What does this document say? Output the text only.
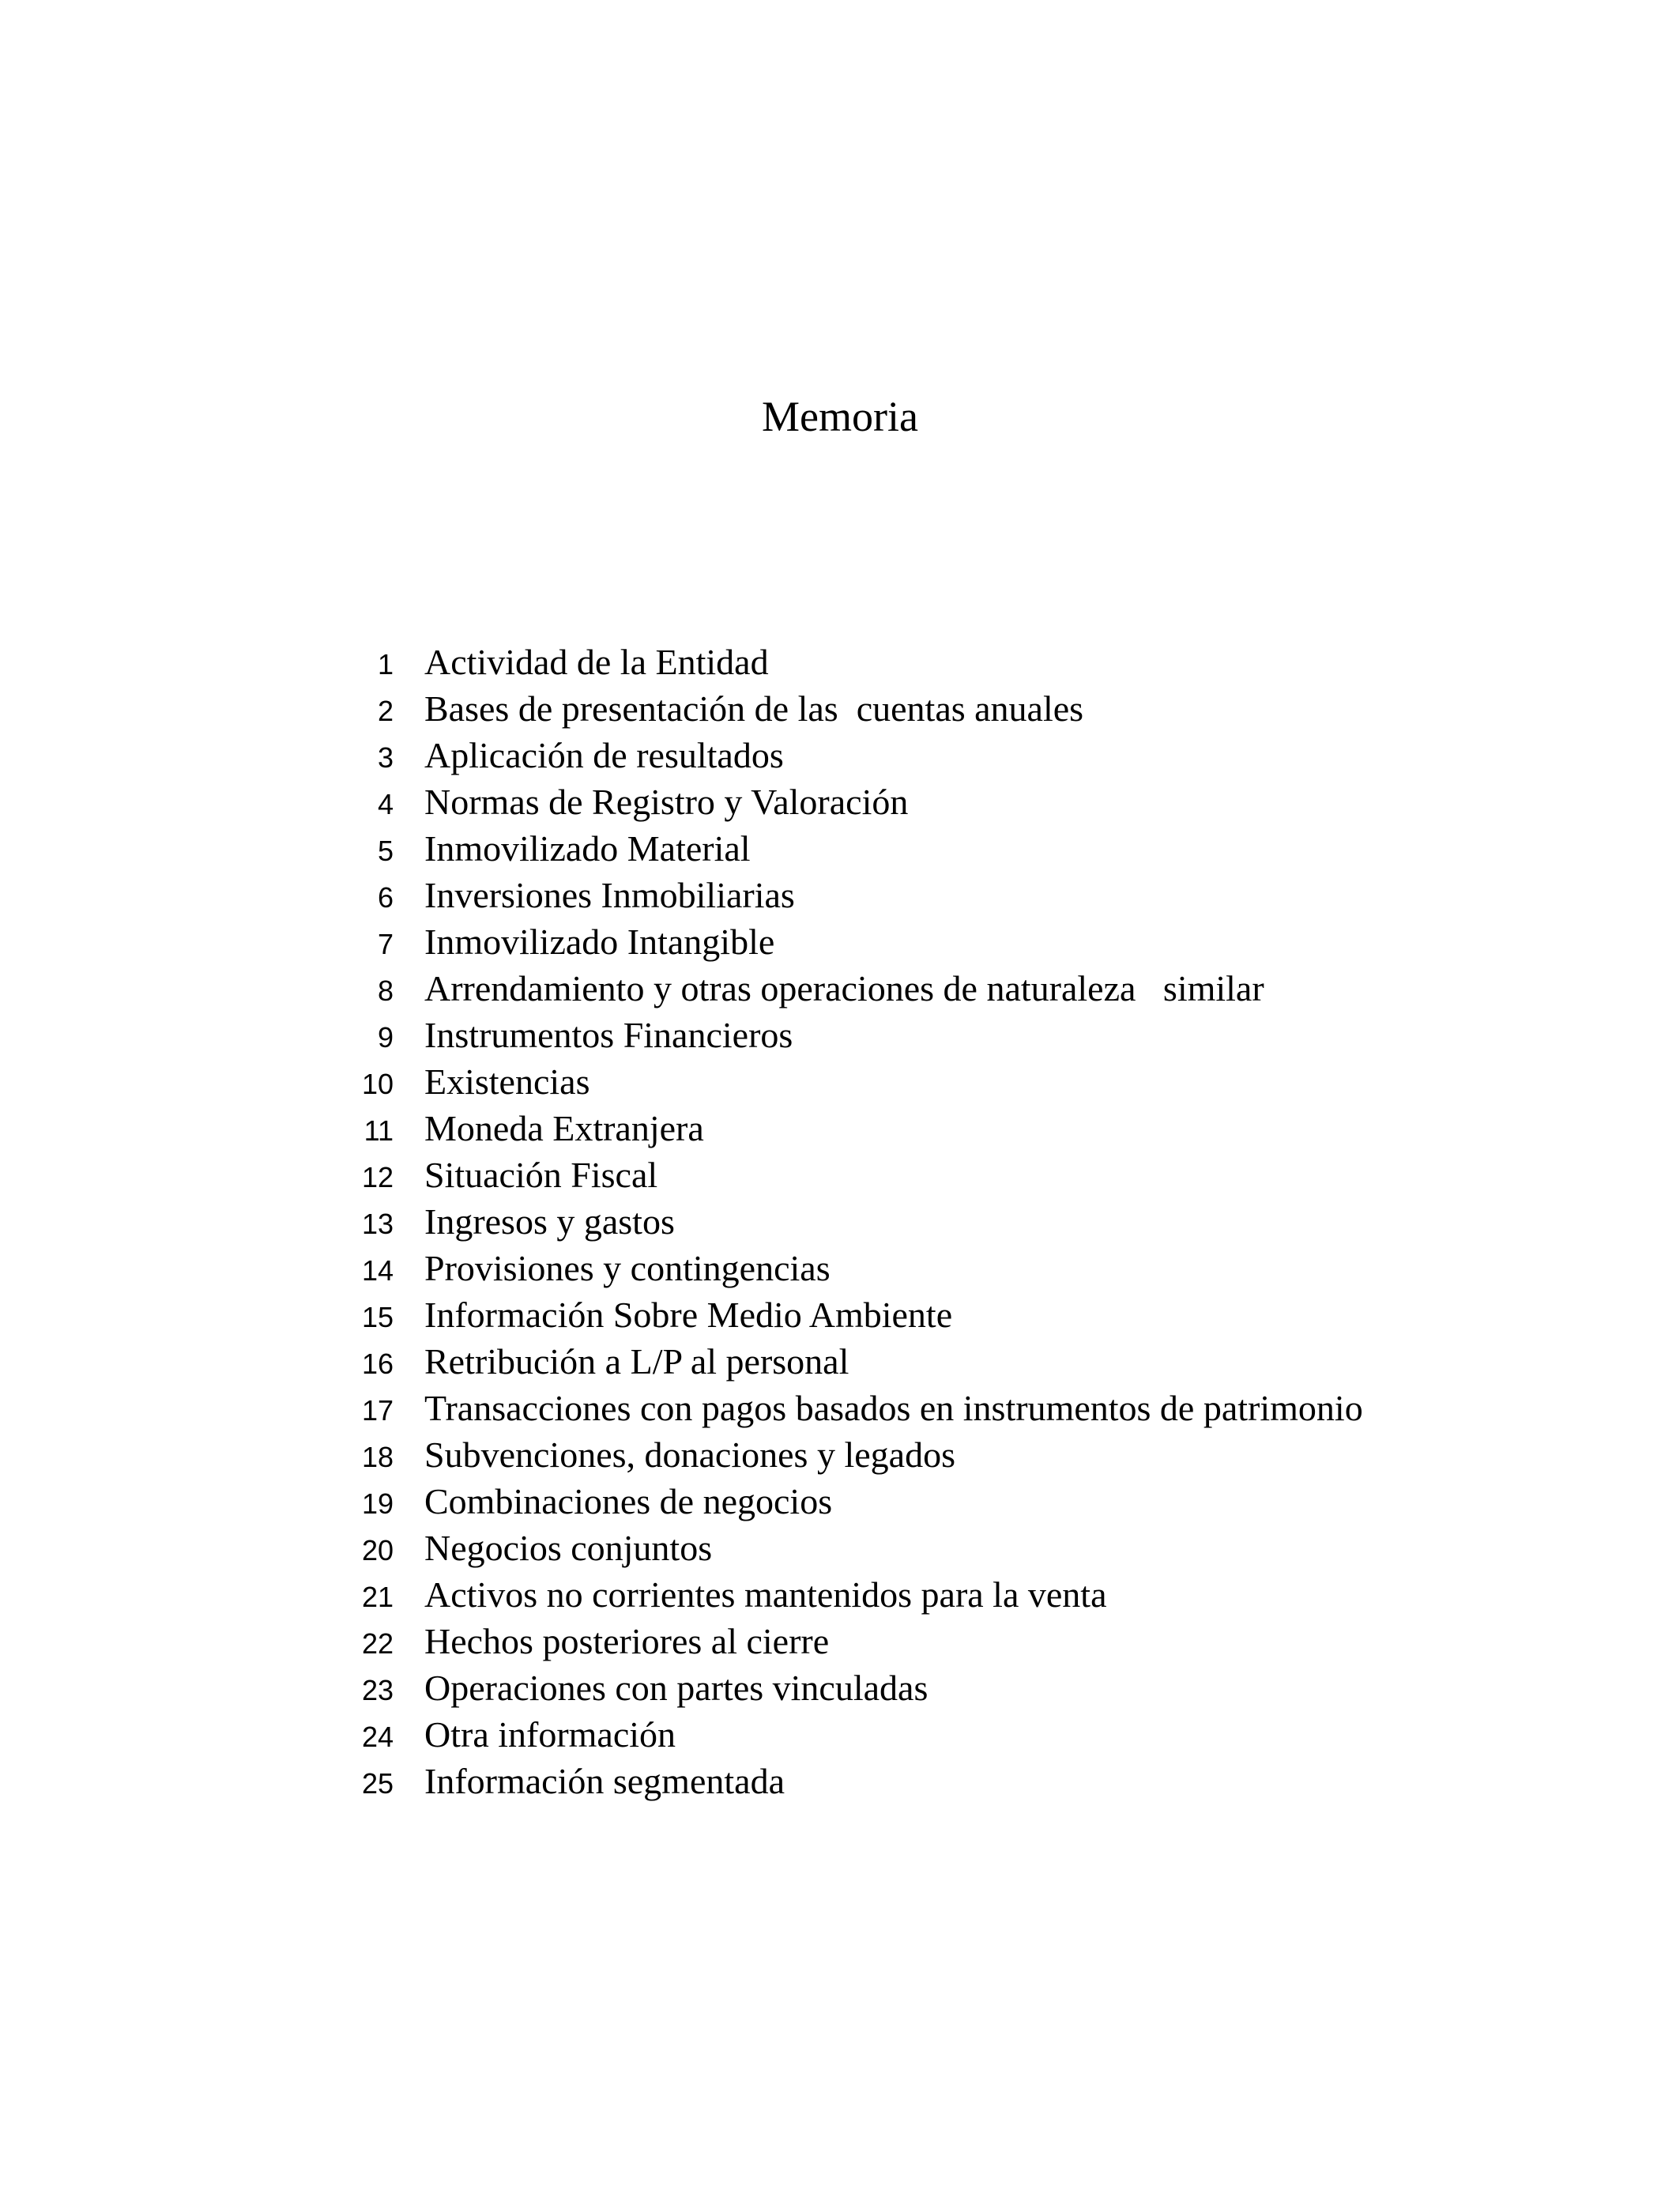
Memoria
1 Actividad de la Entidad
2 Bases de presentación de las  cuentas anuales
3 Aplicación de resultados
4 Normas de Registro y Valoración
5 Inmovilizado Material
6 Inversiones Inmobiliarias
7 Inmovilizado Intangible
8 Arrendamiento y otras operaciones de naturaleza   similar
9 Instrumentos Financieros
10 Existencias
11 Moneda Extranjera
12 Situación Fiscal
13 Ingresos y gastos
14 Provisiones y contingencias
15 Información Sobre Medio Ambiente
16 Retribución a L/P al personal
17 Transacciones con pagos basados en instrumentos de patrimonio
18 Subvenciones, donaciones y legados
19 Combinaciones de negocios
20 Negocios conjuntos
21 Activos no corrientes mantenidos para la venta
22 Hechos posteriores al cierre
23 Operaciones con partes vinculadas
24 Otra información
25 Información segmentada
